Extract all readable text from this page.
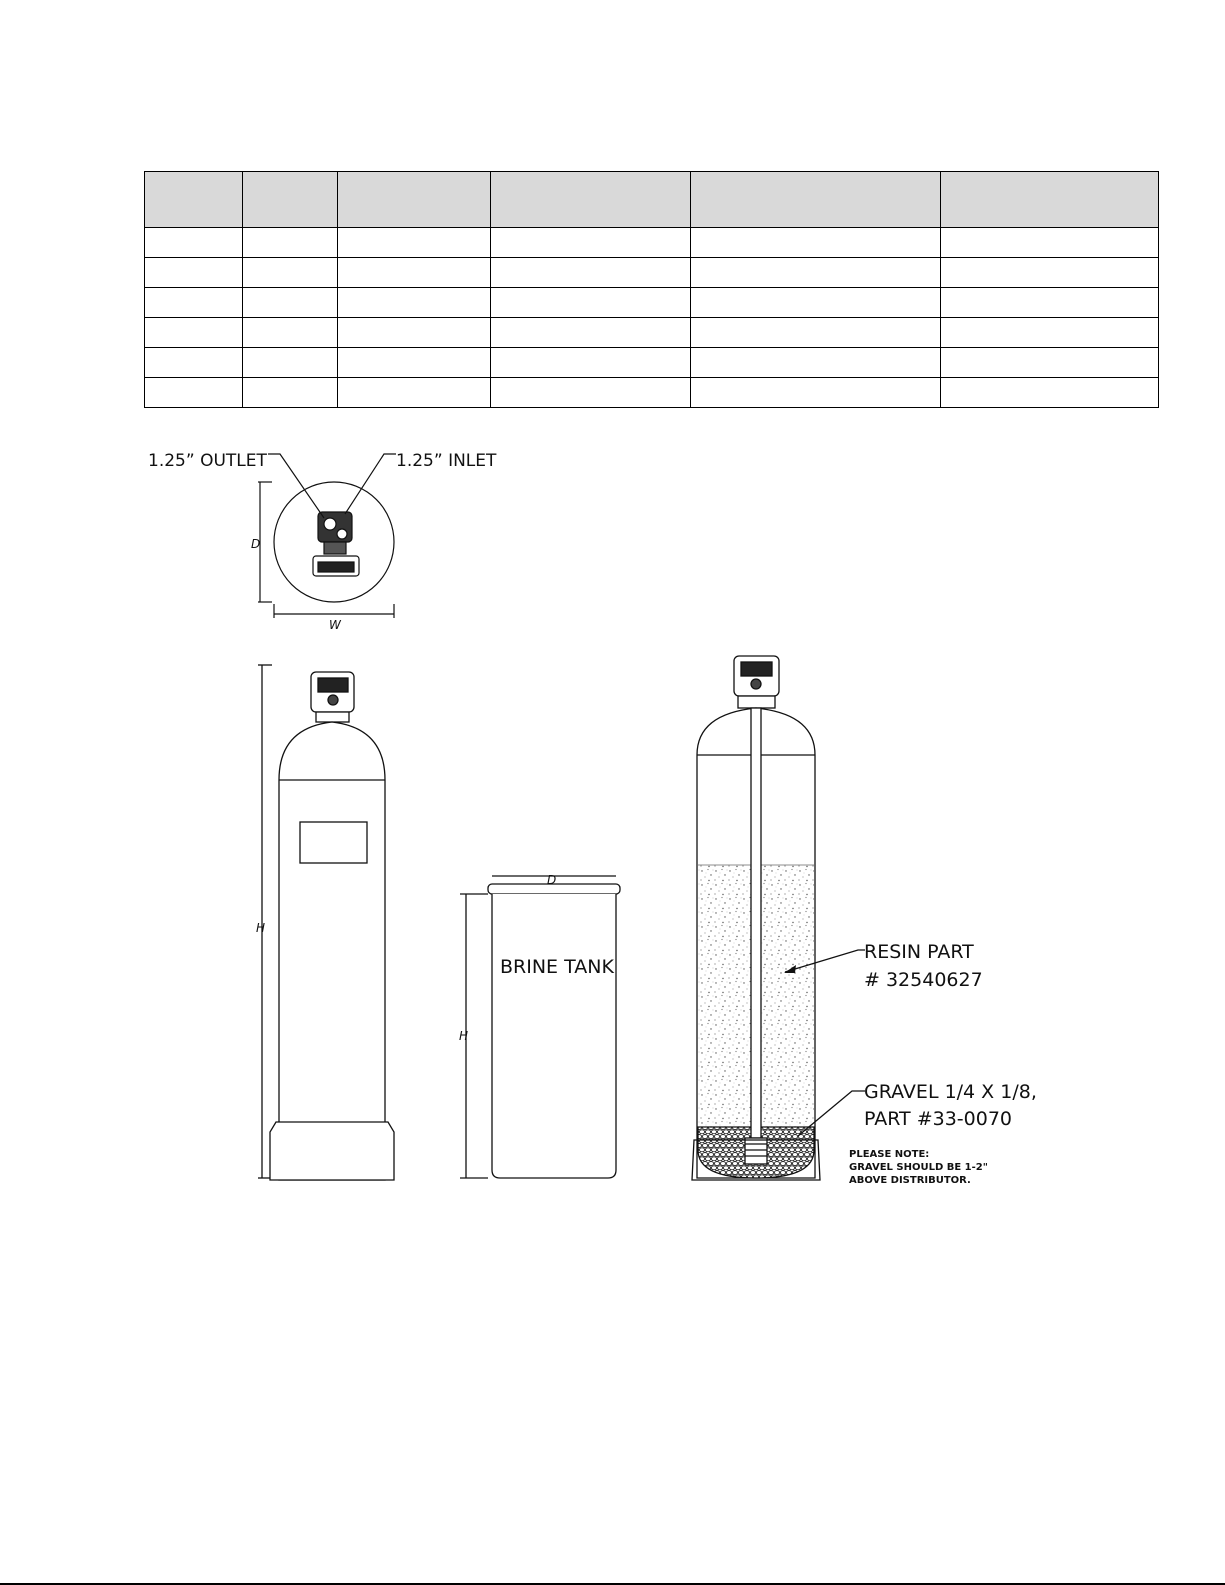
1.25” OUTLET	1.25” INLET
D
W
H
D
BRINE TANK
H
RESIN PART
# 32540627
GRAVEL 1/4 X 1/8,
PART #33-0070
PLEASE NOTE:
GRAVEL SHOULD BE 1-2"
ABOVE DISTRIBUTOR.
